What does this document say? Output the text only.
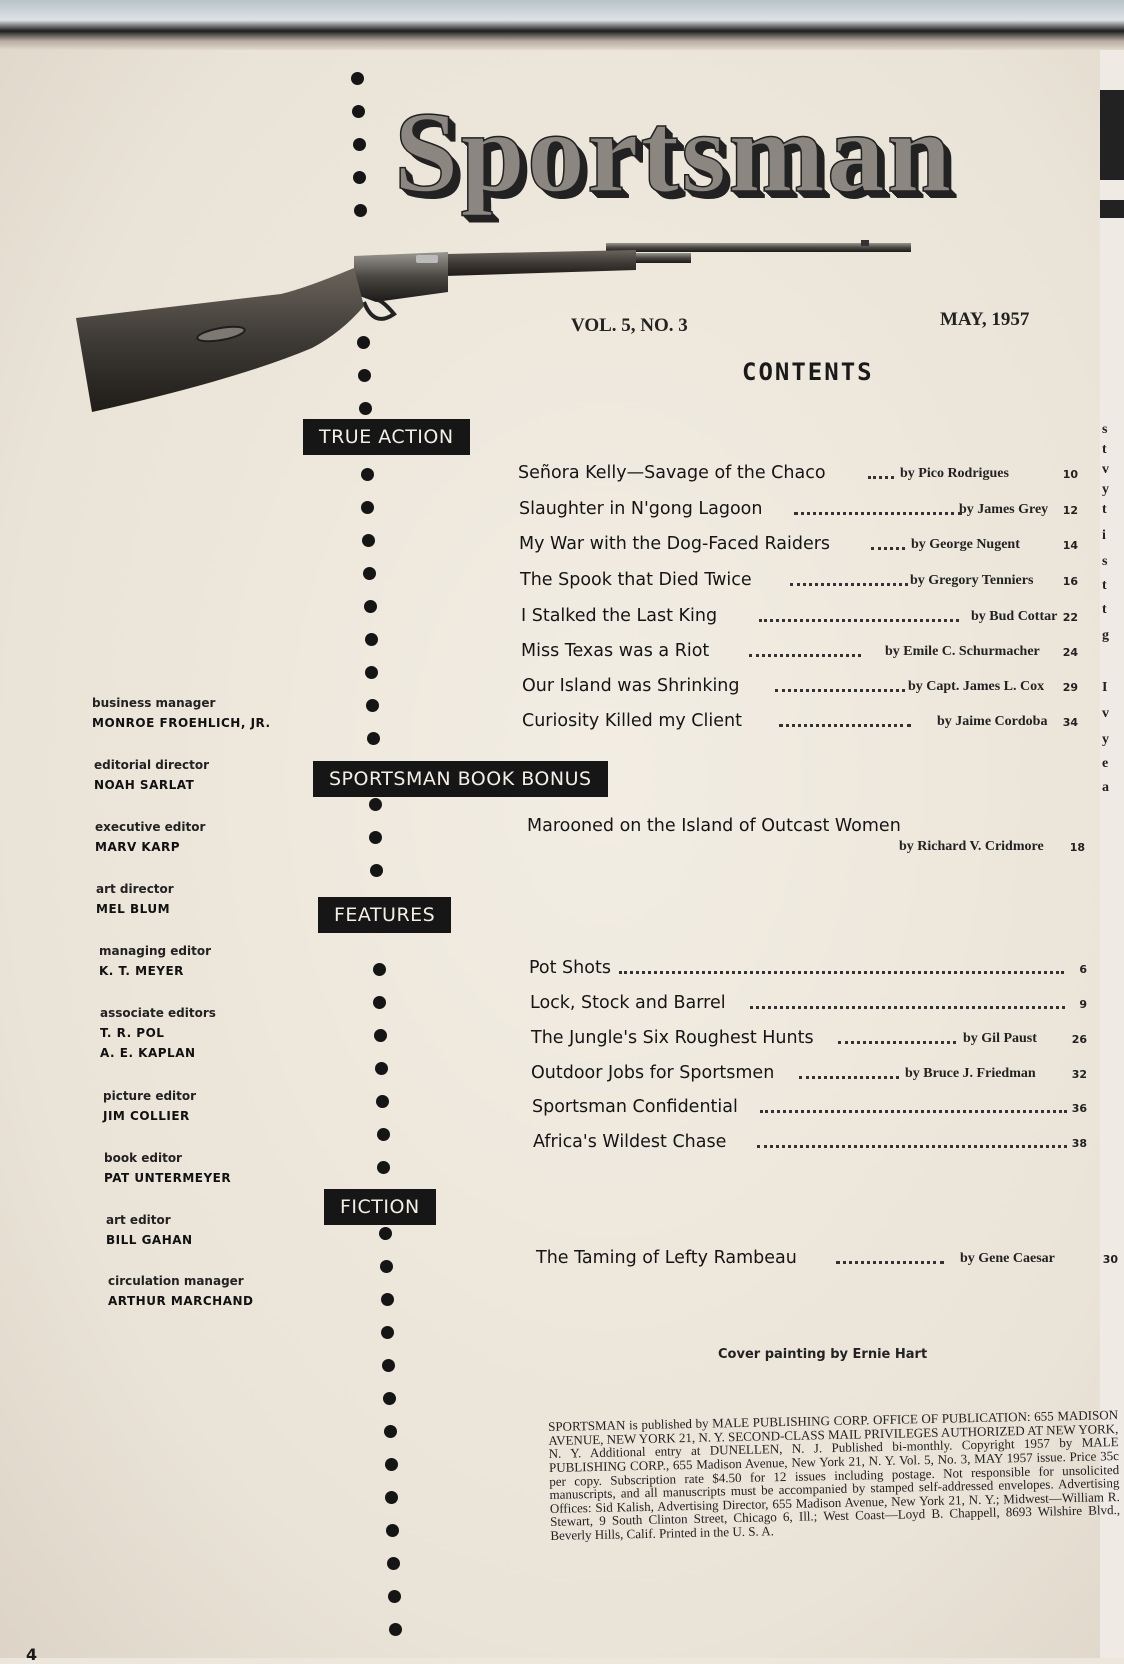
s
t
v
y
t
i
s
t
t
g
I
v
y
e
a
Sportsman
VOL. 5, NO. 3	MAY, 1957
CONTENTS
TRUE ACTION
SPORTSMAN BOOK BONUS
FEATURES
FICTION
Señora Kelly—Savage of the Chaco	by Pico Rodrigues	10
Slaughter in N'gong Lagoon	by James Grey 12
My War with the Dog-Faced Raiders	by George Nugent	14
The Spook that Died Twice	by Gregory Tenniers	16
I Stalked the Last King	by Bud Cottar 22
Miss Texas was a Riot	by Emile C. Schurmacher 24
Our Island was Shrinking	by Capt. James L. Cox 29
Curiosity Killed my Client	by Jaime Cordoba 34
Marooned on the Island of Outcast Women
by Richard V. Cridmore 18
Pot Shots	6
Lock, Stock and Barrel	9
The Jungle's Six Roughest Hunts	by Gil Paust	26
Outdoor Jobs for Sportsmen	by Bruce J. Friedman	32
Sportsman Confidential	36
Africa's Wildest Chase	38
The Taming of Lefty Rambeau	by Gene Caesar	30
business manager
MONROE FROEHLICH, JR.
editorial director
NOAH SARLAT
executive editor
MARV KARP
art director
MEL BLUM
managing editor
K. T. MEYER
associate editors
T. R. POL
A. E. KAPLAN
picture editor
JIM COLLIER
book editor
PAT UNTERMEYER
art editor
BILL GAHAN
circulation manager
ARTHUR MARCHAND
Cover painting by Ernie Hart
SPORTSMAN is published by MALE PUBLISHING CORP. OFFICE OF PUBLICATION: 655 MADISON AVENUE, NEW YORK 21, N. Y. SECOND-CLASS MAIL PRIVILEGES AUTHORIZED AT NEW YORK, N. Y. Additional entry at DUNELLEN, N. J. Published bi-monthly. Copyright 1957 by MALE PUBLISHING CORP., 655 Madison Avenue, New York 21, N. Y. Vol. 5, No. 3, MAY 1957 issue. Price 35c per copy. Subscription rate $4.50 for 12 issues including postage. Not responsible for unsolicited manuscripts, and all manuscripts must be accompanied by stamped self-addressed envelopes. Advertising Offices: Sid Kalish, Advertising Director, 655 Madison Avenue, New York 21, N. Y.; Midwest—William R. Stewart, 9 South Clinton Street, Chicago 6, Ill.; West Coast—Loyd B. Chappell, 8693 Wilshire Blvd., Beverly Hills, Calif. Printed in the U. S. A.
4
